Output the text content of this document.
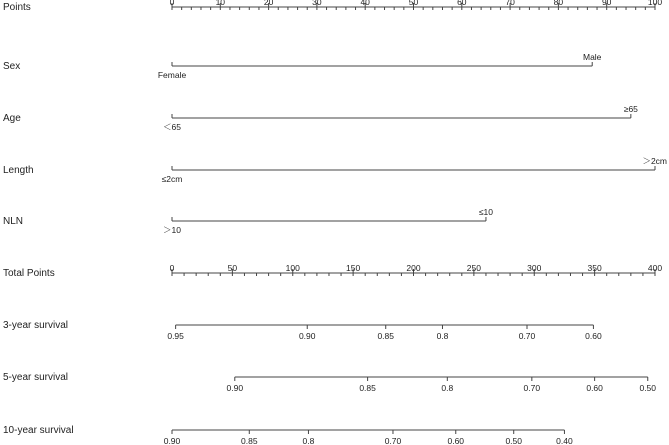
Points	0	10	20	30	40	50	60	70	80	90	100
Sex
Female
Male
Age
＜65
≥65
Length
≤2cm
＞2cm
NLN
＞10
≤10
Total Points	0	50	100	150	200	250	300	350	400
3-year survival
0.95	0.90	0.85	0.8	0.70	0.60
5-year survival
0.90	0.85	0.8	0.70	0.60	0.50
10-year survival
0.90	0.85	0.8	0.70	0.60	0.50	0.40
